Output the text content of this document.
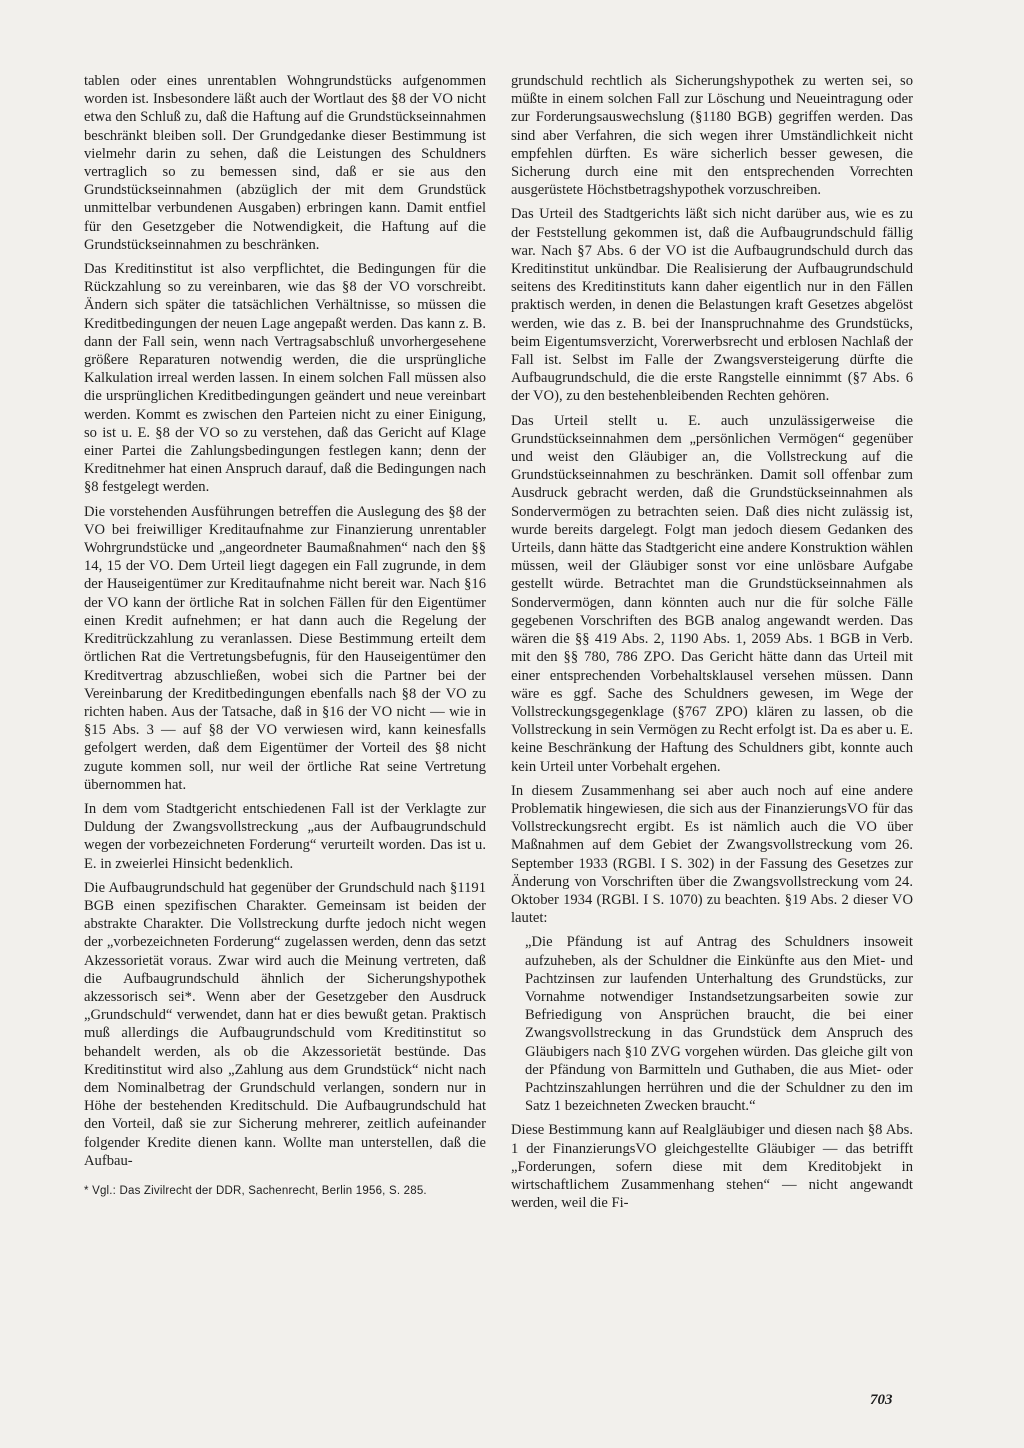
tablen oder eines unrentablen Wohngrundstücks aufgenommen worden ist. Insbesondere läßt auch der Wortlaut des §8 der VO nicht etwa den Schluß zu, daß die Haftung auf die Grundstückseinnahmen beschränkt bleiben soll. Der Grundgedanke dieser Bestimmung ist vielmehr darin zu sehen, daß die Leistungen des Schuldners vertraglich so zu bemessen sind, daß er sie aus den Grundstückseinnahmen (abzüglich der mit dem Grundstück unmittelbar verbundenen Ausgaben) erbringen kann. Damit entfiel für den Gesetzgeber die Notwendigkeit, die Haftung auf die Grundstückseinnahmen zu beschränken.

Das Kreditinstitut ist also verpflichtet, die Bedingungen für die Rückzahlung so zu vereinbaren, wie das §8 der VO vorschreibt. Ändern sich später die tatsächlichen Verhältnisse, so müssen die Kreditbedingungen der neuen Lage angepaßt werden. Das kann z. B. dann der Fall sein, wenn nach Vertragsabschluß unvorhergesehene größere Reparaturen notwendig werden, die die ursprüngliche Kalkulation irreal werden lassen. In einem solchen Fall müssen also die ursprünglichen Kreditbedingungen geändert und neue vereinbart werden. Kommt es zwischen den Parteien nicht zu einer Einigung, so ist u. E. §8 der VO so zu verstehen, daß das Gericht auf Klage einer Partei die Zahlungsbedingungen festlegen kann; denn der Kreditnehmer hat einen Anspruch darauf, daß die Bedingungen nach §8 festgelegt werden.

Die vorstehenden Ausführungen betreffen die Auslegung des §8 der VO bei freiwilliger Kreditaufnahme zur Finanzierung unrentabler Wohrgrundstücke und „angeordneter Baumaßnahmen“ nach den §§ 14, 15 der VO. Dem Urteil liegt dagegen ein Fall zugrunde, in dem der Hauseigentümer zur Kreditaufnahme nicht bereit war. Nach §16 der VO kann der örtliche Rat in solchen Fällen für den Eigentümer einen Kredit aufnehmen; er hat dann auch die Regelung der Kreditrückzahlung zu veranlassen. Diese Bestimmung erteilt dem örtlichen Rat die Vertretungsbefugnis, für den Hauseigentümer den Kreditvertrag abzuschließen, wobei sich die Partner bei der Vereinbarung der Kreditbedingungen ebenfalls nach §8 der VO zu richten haben. Aus der Tatsache, daß in §16 der VO nicht — wie in §15 Abs. 3 — auf §8 der VO verwiesen wird, kann keinesfalls gefolgert werden, daß dem Eigentümer der Vorteil des §8 nicht zugute kommen soll, nur weil der örtliche Rat seine Vertretung übernommen hat.

In dem vom Stadtgericht entschiedenen Fall ist der Verklagte zur Duldung der Zwangsvollstreckung „aus der Aufbaugrundschuld wegen der vorbezeichneten Forderung“ verurteilt worden. Das ist u. E. in zweierlei Hinsicht bedenklich.

Die Aufbaugrundschuld hat gegenüber der Grundschuld nach §1191 BGB einen spezifischen Charakter. Gemeinsam ist beiden der abstrakte Charakter. Die Vollstreckung durfte jedoch nicht wegen der „vorbezeichneten Forderung“ zugelassen werden, denn das setzt Akzessorietät voraus. Zwar wird auch die Meinung vertreten, daß die Aufbaugrundschuld ähnlich der Sicherungshypothek akzessorisch sei*. Wenn aber der Gesetzgeber den Ausdruck „Grundschuld“ verwendet, dann hat er dies bewußt getan. Praktisch muß allerdings die Aufbaugrundschuld vom Kreditinstitut so behandelt werden, als ob die Akzessorietät bestünde. Das Kreditinstitut wird also „Zahlung aus dem Grundstück“ nicht nach dem Nominalbetrag der Grundschuld verlangen, sondern nur in Höhe der bestehenden Kreditschuld. Die Aufbaugrundschuld hat den Vorteil, daß sie zur Sicherung mehrerer, zeitlich aufeinander folgender Kredite dienen kann. Wollte man unterstellen, daß die Aufbau-

* Vgl.: Das Zivilrecht der DDR, Sachenrecht, Berlin 1956, S. 285.

grundschuld rechtlich als Sicherungshypothek zu werten sei, so müßte in einem solchen Fall zur Löschung und Neueintragung oder zur Forderungsauswechslung (§1180 BGB) gegriffen werden. Das sind aber Verfahren, die sich wegen ihrer Umständlichkeit nicht empfehlen dürften. Es wäre sicherlich besser gewesen, die Sicherung durch eine mit den entsprechenden Vorrechten ausgerüstete Höchstbetragshypothek vorzuschreiben.

Das Urteil des Stadtgerichts läßt sich nicht darüber aus, wie es zu der Feststellung gekommen ist, daß die Aufbaugrundschuld fällig war. Nach §7 Abs. 6 der VO ist die Aufbaugrundschuld durch das Kreditinstitut unkündbar. Die Realisierung der Aufbaugrundschuld seitens des Kreditinstituts kann daher eigentlich nur in den Fällen praktisch werden, in denen die Belastungen kraft Gesetzes abgelöst werden, wie das z. B. bei der Inanspruchnahme des Grundstücks, beim Eigentumsverzicht, Vorerwerbsrecht und erblosen Nachlaß der Fall ist. Selbst im Falle der Zwangsversteigerung dürfte die Aufbaugrundschuld, die die erste Rangstelle einnimmt (§7 Abs. 6 der VO), zu den bestehenbleibenden Rechten gehören.

Das Urteil stellt u. E. auch unzulässigerweise die Grundstückseinnahmen dem „persönlichen Vermögen“ gegenüber und weist den Gläubiger an, die Vollstreckung auf die Grundstückseinnahmen zu beschränken. Damit soll offenbar zum Ausdruck gebracht werden, daß die Grundstückseinnahmen als Sondervermögen zu betrachten seien. Daß dies nicht zulässig ist, wurde bereits dargelegt. Folgt man jedoch diesem Gedanken des Urteils, dann hätte das Stadtgericht eine andere Konstruktion wählen müssen, weil der Gläubiger sonst vor eine unlösbare Aufgabe gestellt würde. Betrachtet man die Grundstückseinnahmen als Sondervermögen, dann könnten auch nur die für solche Fälle gegebenen Vorschriften des BGB analog angewandt werden. Das wären die §§ 419 Abs. 2, 1190 Abs. 1, 2059 Abs. 1 BGB in Verb. mit den §§ 780, 786 ZPO. Das Gericht hätte dann das Urteil mit einer entsprechenden Vorbehaltsklausel versehen müssen. Dann wäre es ggf. Sache des Schuldners gewesen, im Wege der Vollstreckungsgegenklage (§767 ZPO) klären zu lassen, ob die Vollstreckung in sein Vermögen zu Recht erfolgt ist. Da es aber u. E. keine Beschränkung der Haftung des Schuldners gibt, konnte auch kein Urteil unter Vorbehalt ergehen.

In diesem Zusammenhang sei aber auch noch auf eine andere Problematik hingewiesen, die sich aus der FinanzierungsVO für das Vollstreckungsrecht ergibt. Es ist nämlich auch die VO über Maßnahmen auf dem Gebiet der Zwangsvollstreckung vom 26. September 1933 (RGBl. I S. 302) in der Fassung des Gesetzes zur Änderung von Vorschriften über die Zwangsvollstreckung vom 24. Oktober 1934 (RGBl. I S. 1070) zu beachten. §19 Abs. 2 dieser VO lautet:

„Die Pfändung ist auf Antrag des Schuldners insoweit aufzuheben, als der Schuldner die Einkünfte aus den Miet- und Pachtzinsen zur laufenden Unterhaltung des Grundstücks, zur Vornahme notwendiger Instandsetzungsarbeiten sowie zur Befriedigung von Ansprüchen braucht, die bei einer Zwangsvollstreckung in das Grundstück dem Anspruch des Gläubigers nach §10 ZVG vorgehen würden. Das gleiche gilt von der Pfändung von Barmitteln und Guthaben, die aus Miet- oder Pachtzinszahlungen herrühren und die der Schuldner zu den im Satz 1 bezeichneten Zwecken braucht.“

Diese Bestimmung kann auf Realgläubiger und diesen nach §8 Abs. 1 der FinanzierungsVO gleichgestellte Gläubiger — das betrifft „Forderungen, sofern diese mit dem Kreditobjekt in wirtschaftlichem Zusammenhang stehen“ — nicht angewandt werden, weil die Fi-

703
